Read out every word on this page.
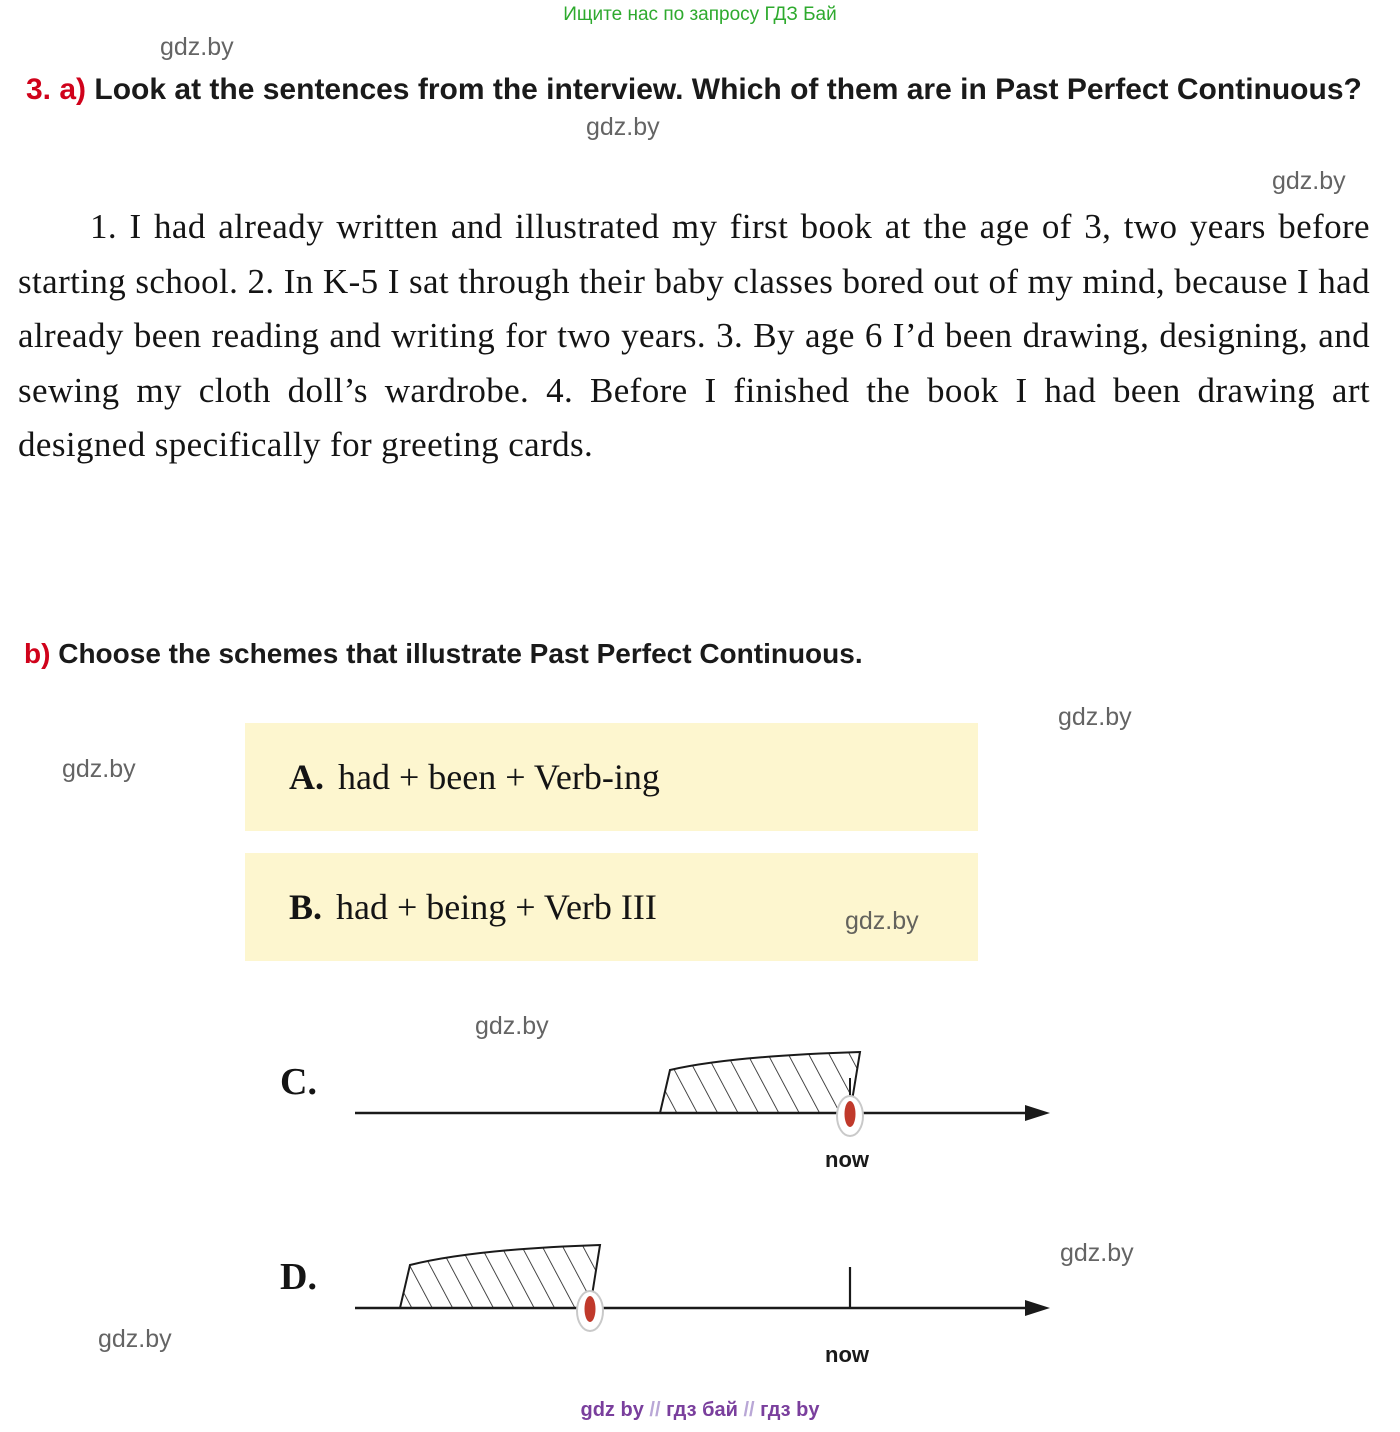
Ищите нас по запросу ГДЗ Бай
3. a) Look at the sentences from the interview. Which of them are in Past Perfect Continuous?
1. I had already written and illustrated my first book at the age of 3, two years before starting school. 2. In K-5 I sat through their baby classes bored out of my mind, because I had already been reading and writing for two years. 3. By age 6 I’d been drawing, designing, and sewing my cloth doll’s wardrobe. 4. Before I finished the book I had been drawing art designed specifically for greeting cards.
b) Choose the schemes that illustrate Past Perfect Continuous.
A. had + been + Verb-ing
B. had + being + Verb III
C.
now
D.
now
gdz.by
gdz.by
gdz.by
gdz.by
gdz.by
gdz.by
gdz.by
gdz.by
gdz.by
gdz by // гдз бай // гдз by
